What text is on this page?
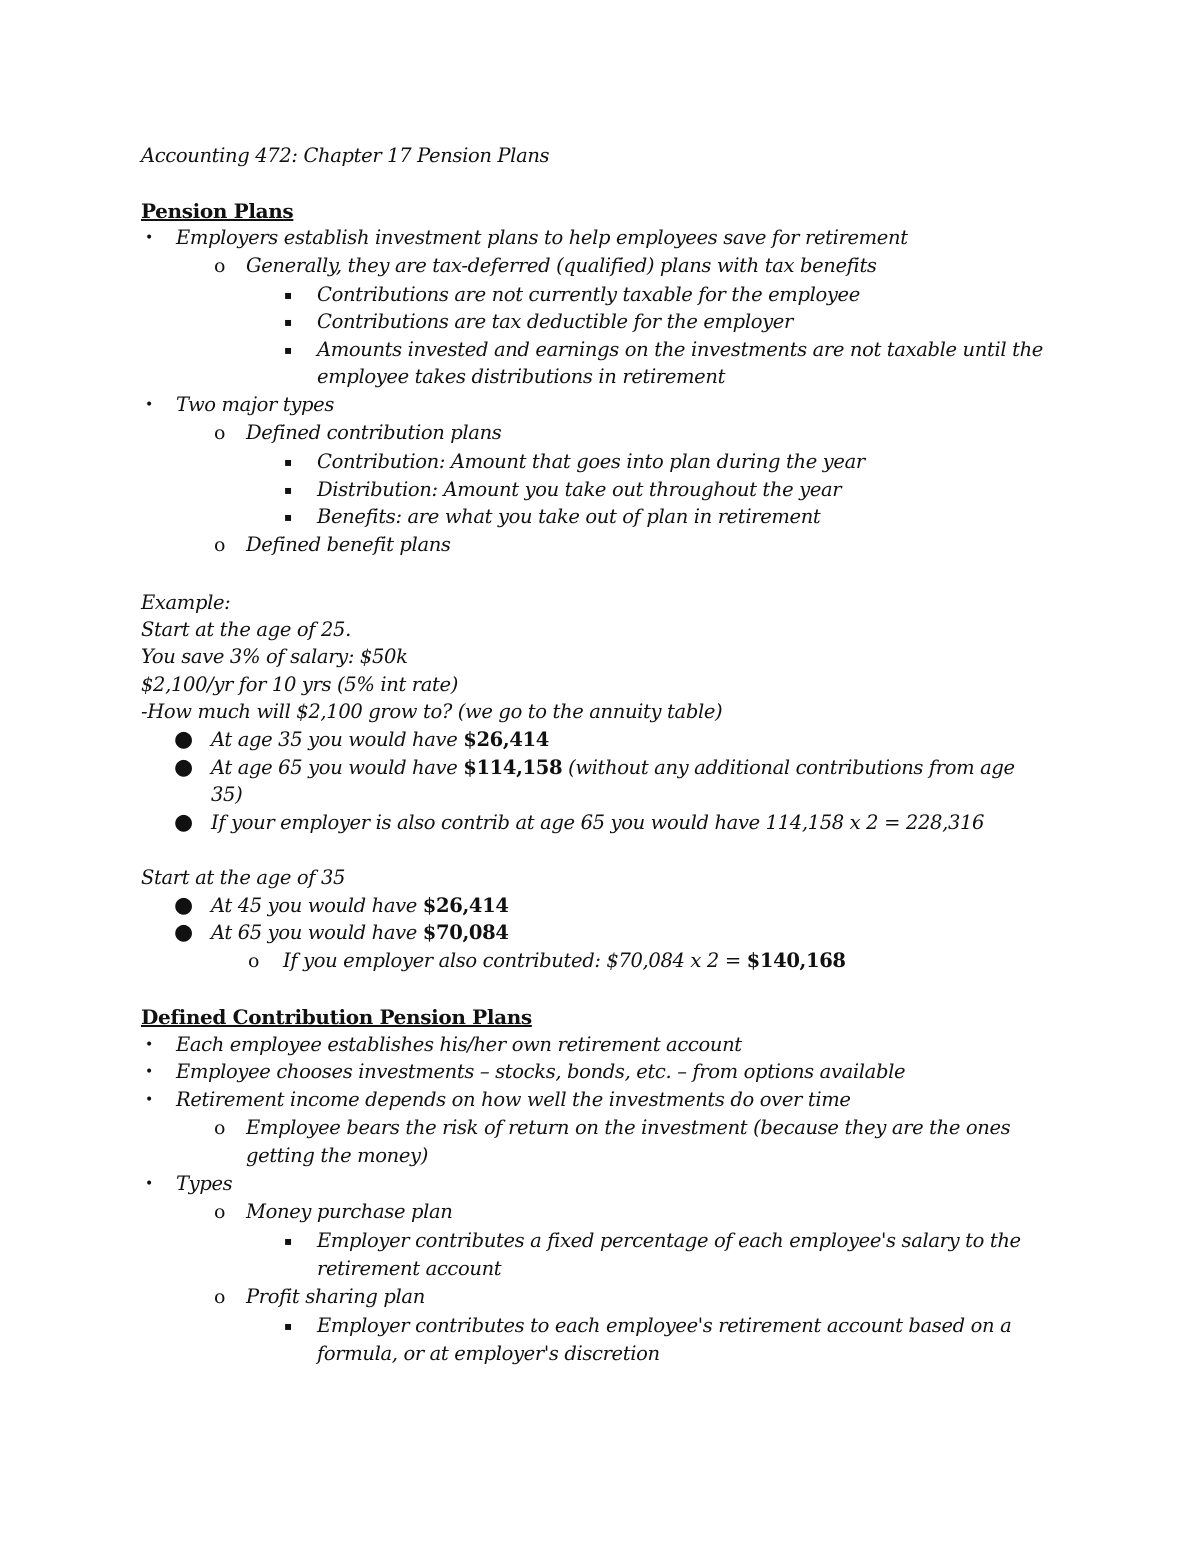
Accounting 472: Chapter 17 Pension Plans
Pension Plans
• Employers establish investment plans to help employees save for retirement
o Generally, they are tax-deferred (qualified) plans with tax benefits
▪ Contributions are not currently taxable for the employee
▪ Contributions are tax deductible for the employer
▪ Amounts invested and earnings on the investments are not taxable until the
employee takes distributions in retirement
• Two major types
o Defined contribution plans
▪ Contribution: Amount that goes into plan during the year
▪ Distribution: Amount you take out throughout the year
▪ Benefits: are what you take out of plan in retirement
o Defined benefit plans
Example:
Start at the age of 25.
You save 3% of salary: $50k
$2,100/yr for 10 yrs (5% int rate)
-How much will $2,100 grow to? (we go to the annuity table)
● At age 35 you would have $26,414
● At age 65 you would have $114,158 (without any additional contributions from age
35)
● If your employer is also contrib at age 65 you would have 114,158 x 2 = 228,316
Start at the age of 35
● At 45 you would have $26,414
● At 65 you would have $70,084
o If you employer also contributed: $70,084 x 2 = $140,168
Defined Contribution Pension Plans
• Each employee establishes his/her own retirement account
• Employee chooses investments – stocks, bonds, etc. – from options available
• Retirement income depends on how well the investments do over time
o Employee bears the risk of return on the investment (because they are the ones
getting the money)
• Types
o Money purchase plan
▪ Employer contributes a fixed percentage of each employee's salary to the
retirement account
o Profit sharing plan
▪ Employer contributes to each employee's retirement account based on a
formula, or at employer's discretion
